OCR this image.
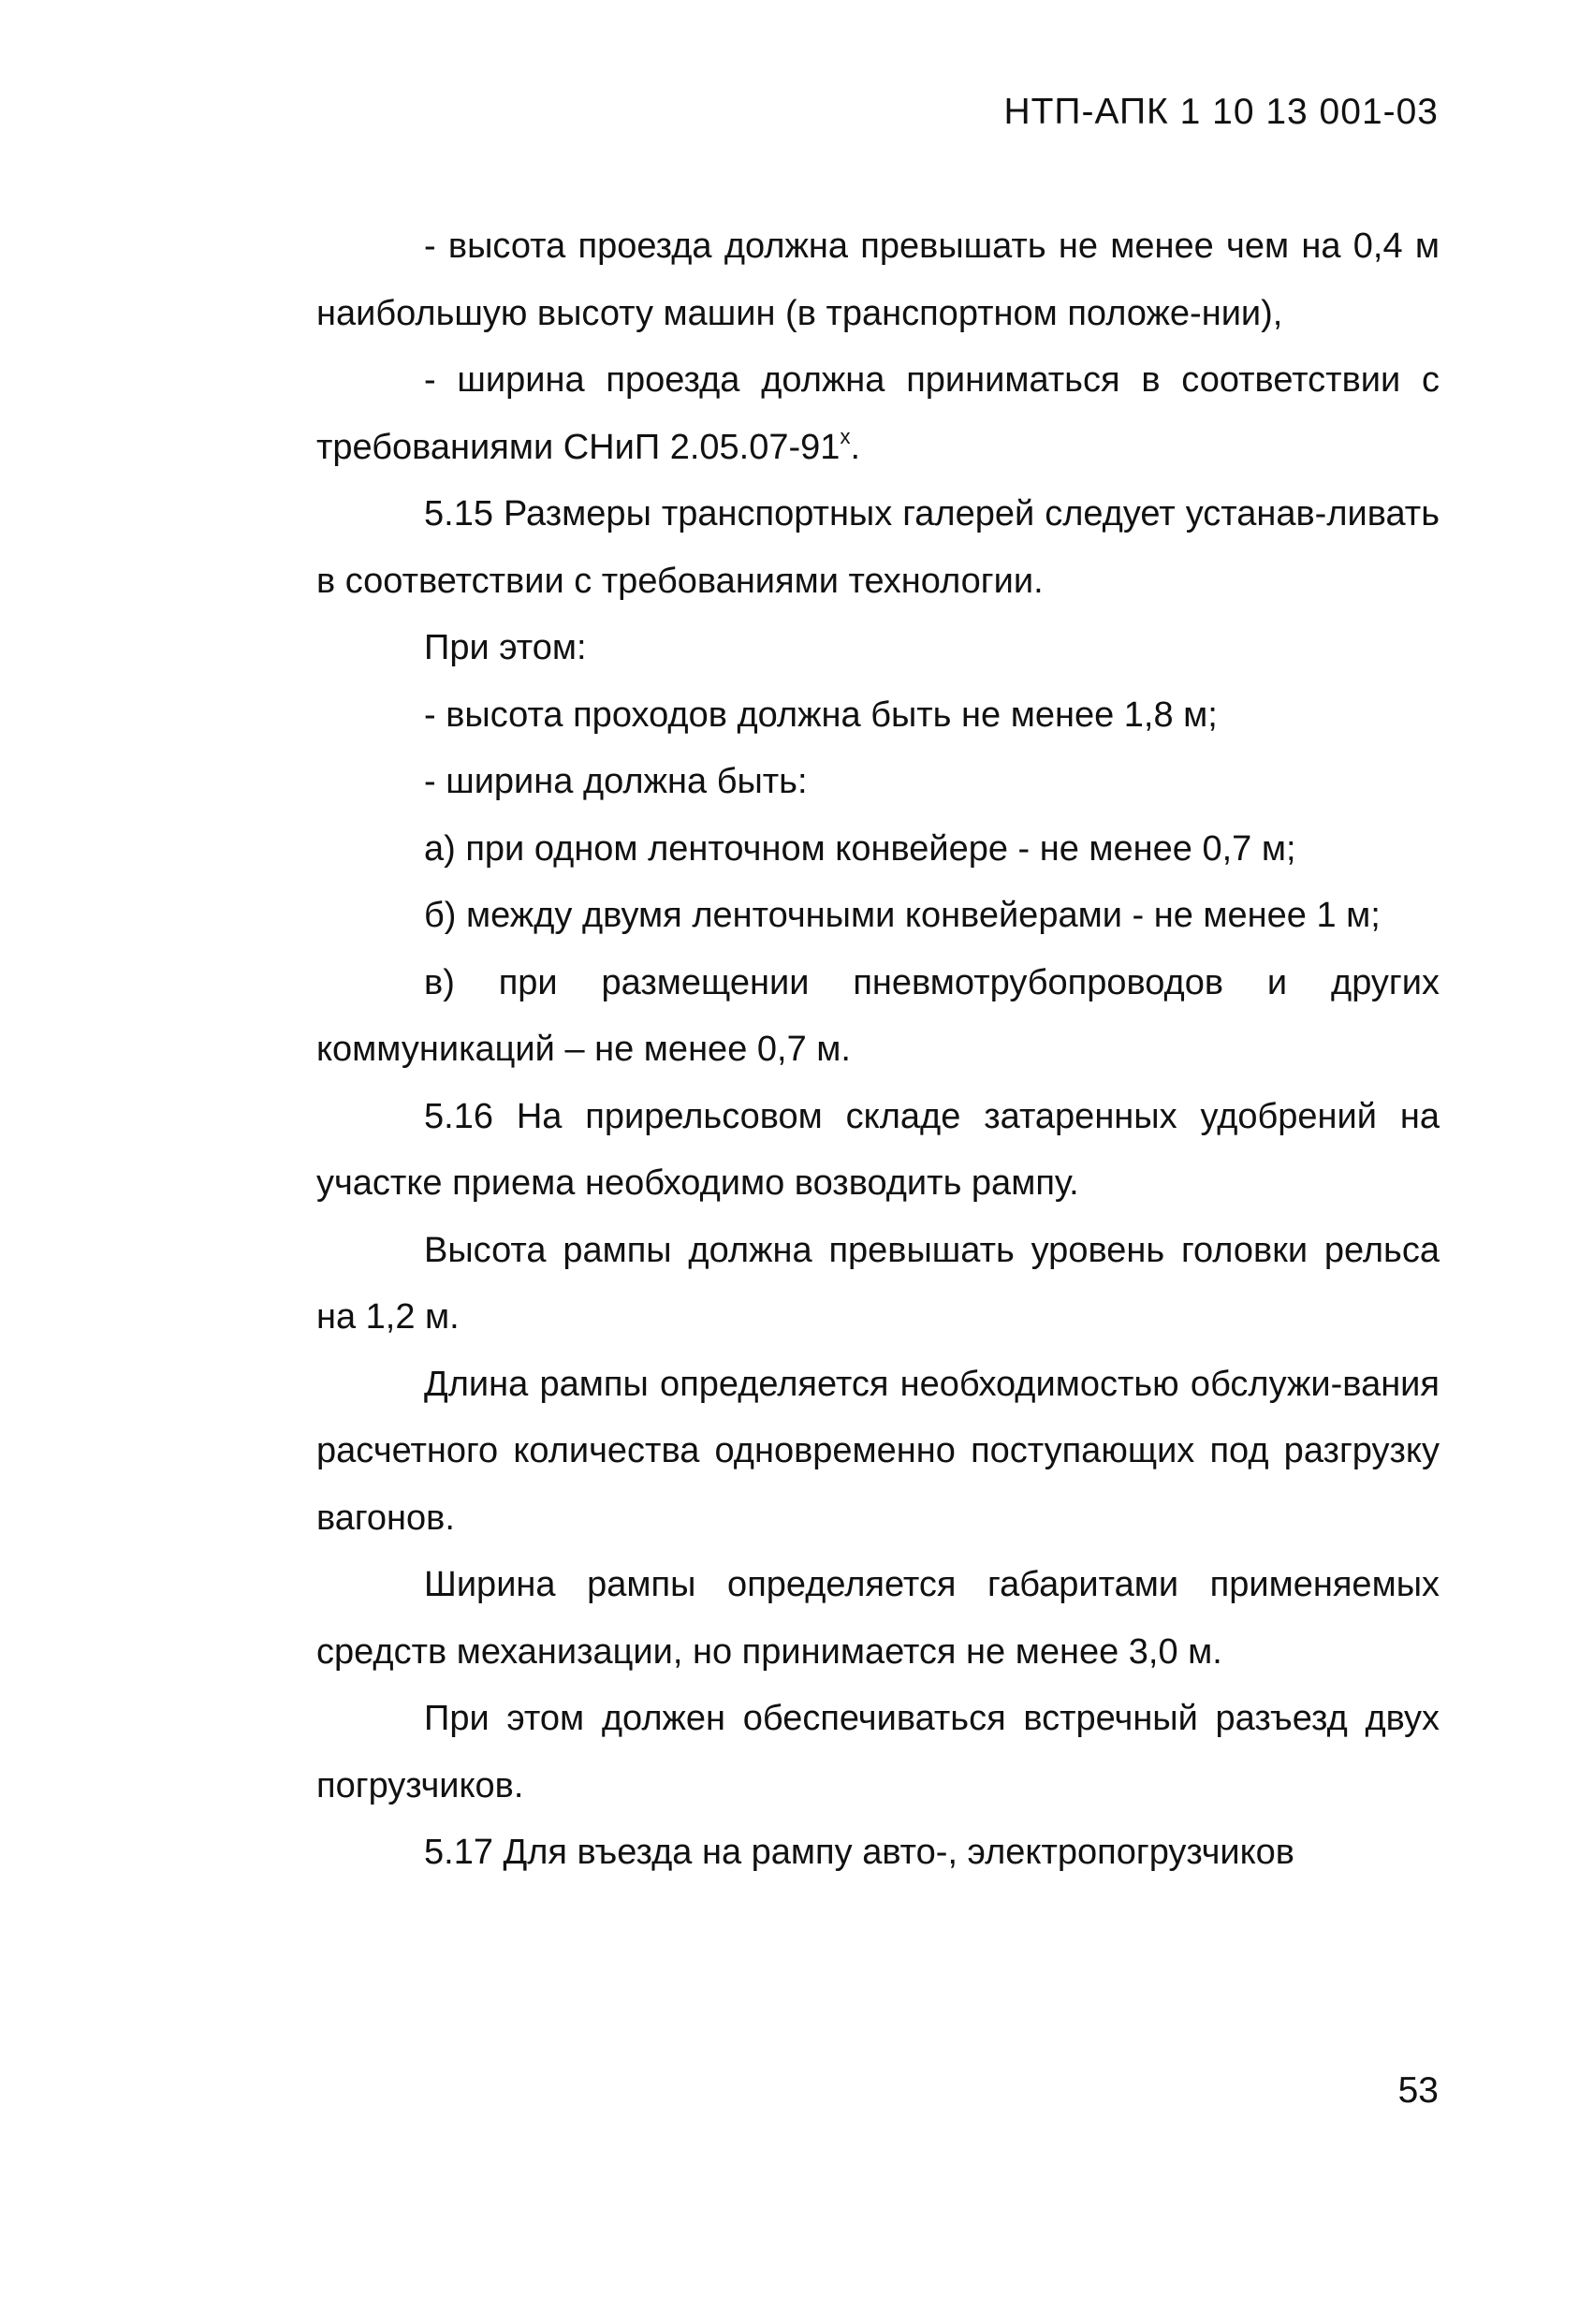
НТП-АПК 1 10 13 001-03

- высота проезда должна превышать не менее чем на 0,4 м наибольшую высоту машин (в транспортном положе-нии),

- ширина проезда должна приниматься в соответствии с требованиями СНиП 2.05.07-91$^x$.

5.15 Размеры транспортных галерей следует устанав-ливать в соответствии с требованиями технологии.

При этом:

- высота проходов должна быть не менее 1,8 м;

- ширина должна быть:

а) при одном ленточном конвейере - не менее 0,7 м;

б) между двумя ленточными конвейерами - не менее 1 м;

в) при размещении пневмотрубопроводов и других коммуникаций – не менее 0,7 м.

5.16 На прирельсовом складе затаренных удобрений на участке приема необходимо возводить рампу.

Высота рампы должна превышать уровень головки рельса на 1,2 м.

Длина рампы определяется необходимостью обслужи-вания расчетного количества одновременно поступающих под разгрузку вагонов.

Ширина рампы определяется габаритами применяемых средств механизации, но принимается не менее 3,0 м.

При этом должен обеспечиваться встречный разъезд двух погрузчиков.

5.17 Для въезда на рампу авто-, электропогрузчиков

53
